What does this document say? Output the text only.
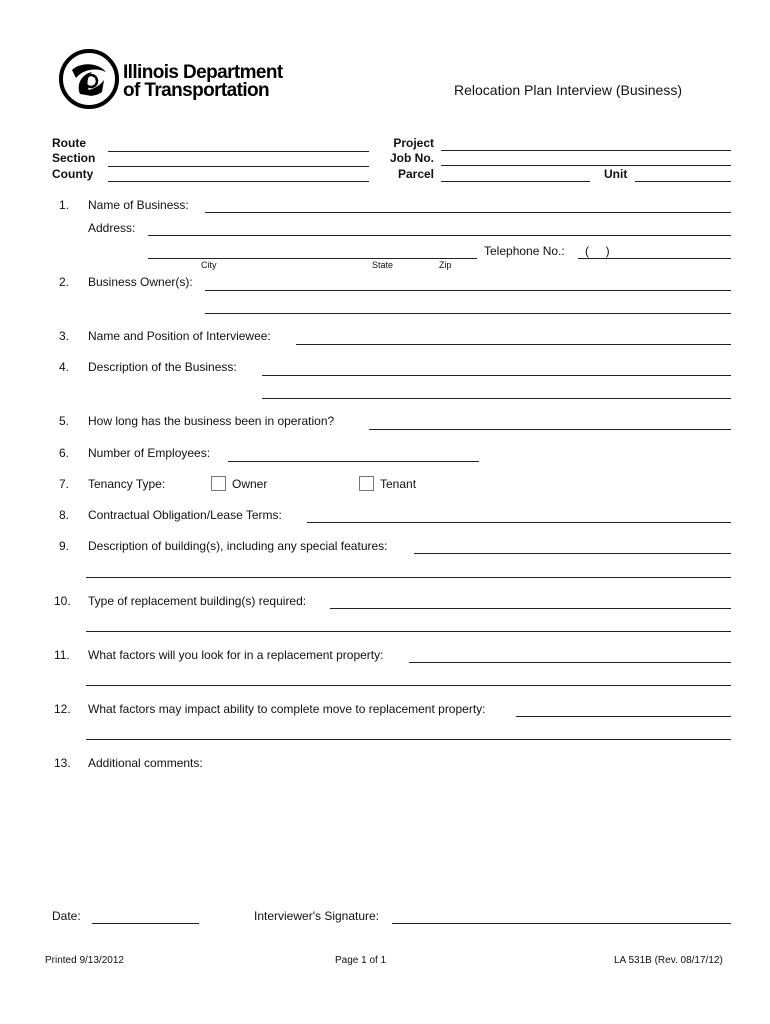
Illinois Department
of Transportation	Relocation Plan Interview (Business)
Route
Section
County
Project
Job No.
Parcel	Unit
1. Name of Business:
Address:
Telephone No.: (     )
City	State	Zip
2. Business Owner(s):
3. Name and Position of Interviewee:
4. Description of the Business:
5. How long has the business been in operation?
6. Number of Employees:
7. Tenancy Type:	Owner	Tenant
8. Contractual Obligation/Lease Terms:
9. Description of building(s), including any special features:
10. Type of replacement building(s) required:
11. What factors will you look for in a replacement property:
12. What factors may impact ability to complete move to replacement property:
13. Additional comments:
Date:	Interviewer's Signature:
Printed 9/13/2012	Page 1 of 1	LA 531B (Rev. 08/17/12)
